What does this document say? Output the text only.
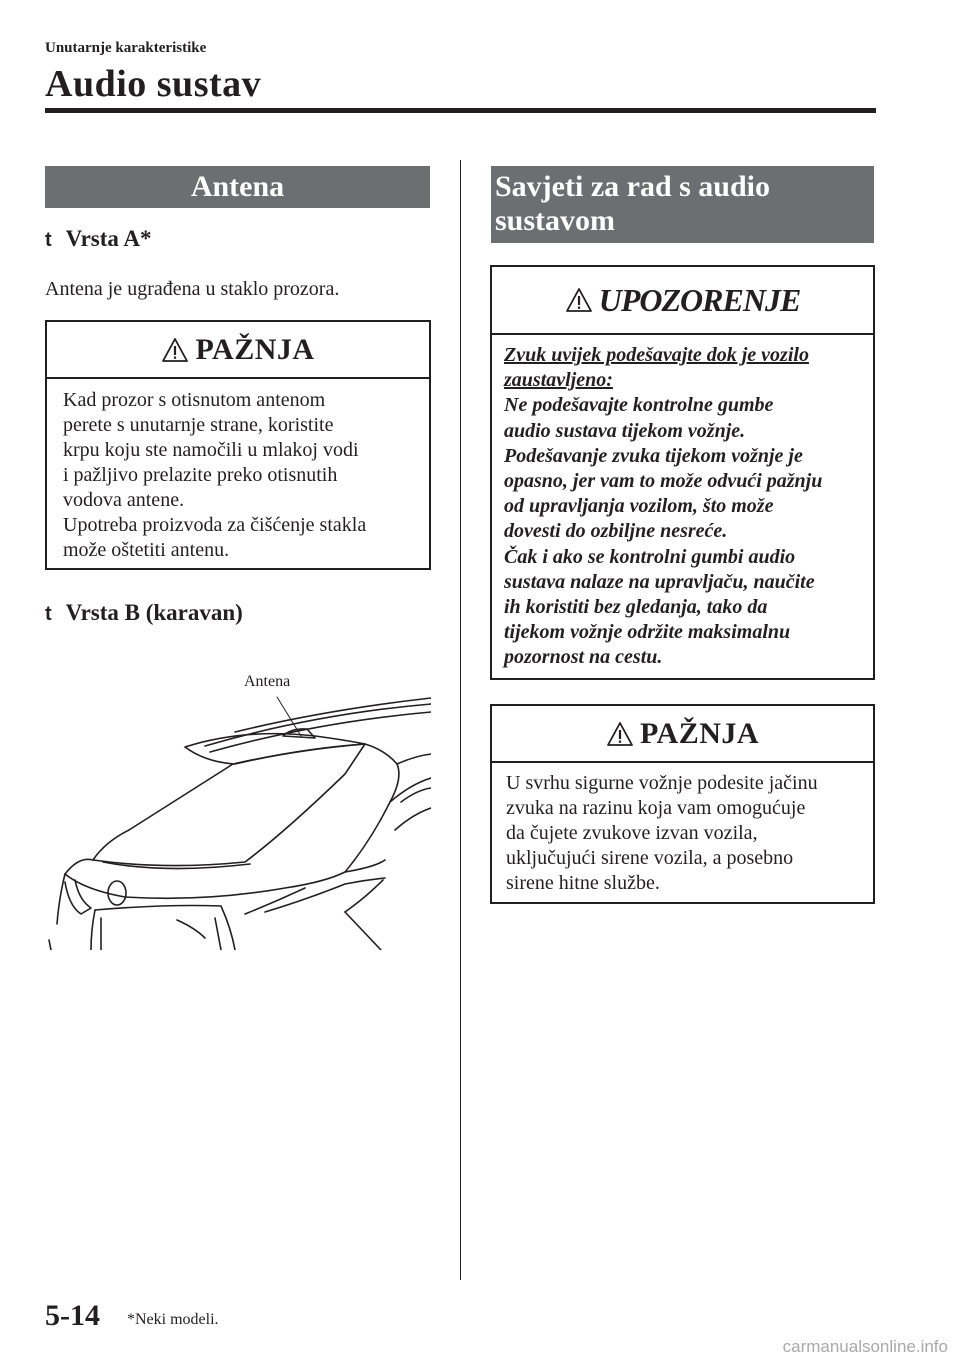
Unutarnje karakteristike
Audio sustav
Antena
t Vrsta A*
Antena je ugrađena u staklo prozora.
PAŽNJA
Kad prozor s otisnutom antenom
perete s unutarnje strane, koristite
krpu koju ste namočili u mlakoj vodi
i pažljivo prelazite preko otisnutih
vodova antene.
Upotreba proizvoda za čišćenje stakla
može oštetiti antenu.
t Vrsta B (karavan)
Antena
Savjeti za rad s audio
sustavom
UPOZORENJE
Zvuk uvijek podešavajte dok je vozilo
zaustavljeno:
Ne podešavajte kontrolne gumbe
audio sustava tijekom vožnje.
Podešavanje zvuka tijekom vožnje je
opasno, jer vam to može odvući pažnju
od upravljanja vozilom, što može
dovesti do ozbiljne nesreće.
Čak i ako se kontrolni gumbi audio
sustava nalaze na upravljaču, naučite
ih koristiti bez gledanja, tako da
tijekom vožnje održite maksimalnu
pozornost na cestu.
PAŽNJA
U svrhu sigurne vožnje podesite jačinu
zvuka na razinu koja vam omogućuje
da čujete zvukove izvan vozila,
uključujući sirene vozila, a posebno
sirene hitne službe.
5-14 *Neki modeli.
carmanualsonline.info
